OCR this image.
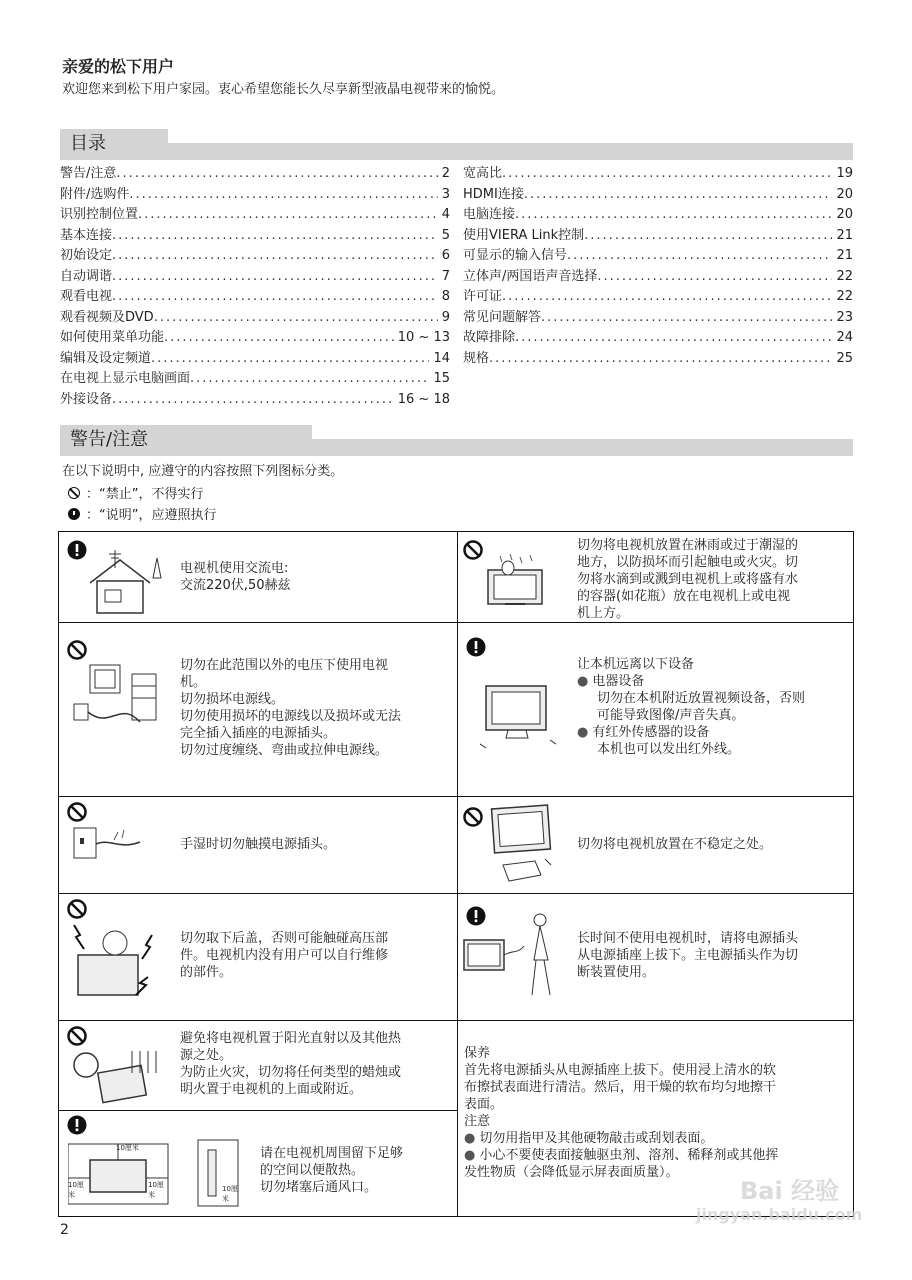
亲爱的松下用户
欢迎您来到松下用户家园。衷心希望您能长久尽享新型液晶电视带来的愉悦。
目录
警告/注意 .....	2
附件/选购件 .....	3
识别控制位置 .....	4
基本连接 .....	5
初始设定 .....	6
自动调谐 .....	7
观看电视 .....	8
观看视频及DVD .....	9
如何使用菜单功能 .....	10 ~ 13
编辑及设定频道 .....	14
在电视上显示电脑画面 .....	15
外接设备 .....	16 ~ 18
宽高比 .....	19
HDMI连接 .....	20
电脑连接 .....	20
使用VIERA Link控制 .....	21
可显示的输入信号 .....	21
立体声/两国语声音选择 .....	22
许可证 .....	22
常见问题解答 .....	23
故障排除 .....	24
规格 .....	25
警告/注意
在以下说明中, 应遵守的内容按照下列图标分类。
：“禁止”，不得实行
：“说明”，应遵照执行
10厘米
10厘米
10厘米
10厘米

电视机使用交流电:

交流220伏,50赫兹

切勿将电视机放置在淋雨或过于潮湿的

地方，以防损坏而引起触电或火灾。切

勿将水滴到或溅到电视机上或将盛有水

的容器(如花瓶）放在电视机上或电视

机上方。

切勿在此范围以外的电压下使用电视

机。

切勿损坏电源线。

切勿使用损坏的电源线以及损坏或无法

完全插入插座的电源插头。

切勿过度缠绕、弯曲或拉伸电源线。

让本机远离以下设备

● 电器设备

切勿在本机附近放置视频设备，否则

可能导致图像/声音失真。

● 有红外传感器的设备

本机也可以发出红外线。

手湿时切勿触摸电源插头。	切勿将电视机放置在不稳定之处。

切勿取下后盖，否则可能触碰高压部

件。电视机内没有用户可以自行维修

的部件。

长时间不使用电视机时，请将电源插头

从电源插座上拔下。主电源插头作为切

断装置使用。

避免将电视机置于阳光直射以及其他热

源之处。

为防止火灾，切勿将任何类型的蜡烛或

明火置于电视机的上面或附近。

请在电视机周围留下足够

的空间以便散热。

切勿堵塞后通风口。

保养

首先将电源插头从电源插座上拔下。使用浸上清水的软

布擦拭表面进行清洁。然后，用干燥的软布均匀地擦干

表面。

注意

● 切勿用指甲及其他硬物敲击或刮划表面。

● 小心不要使表面接触驱虫剂、溶剂、稀释剂或其他挥
发性物质（会降低显示屏表面质量）。
2
Bai 经验
jingyan.baidu.com
